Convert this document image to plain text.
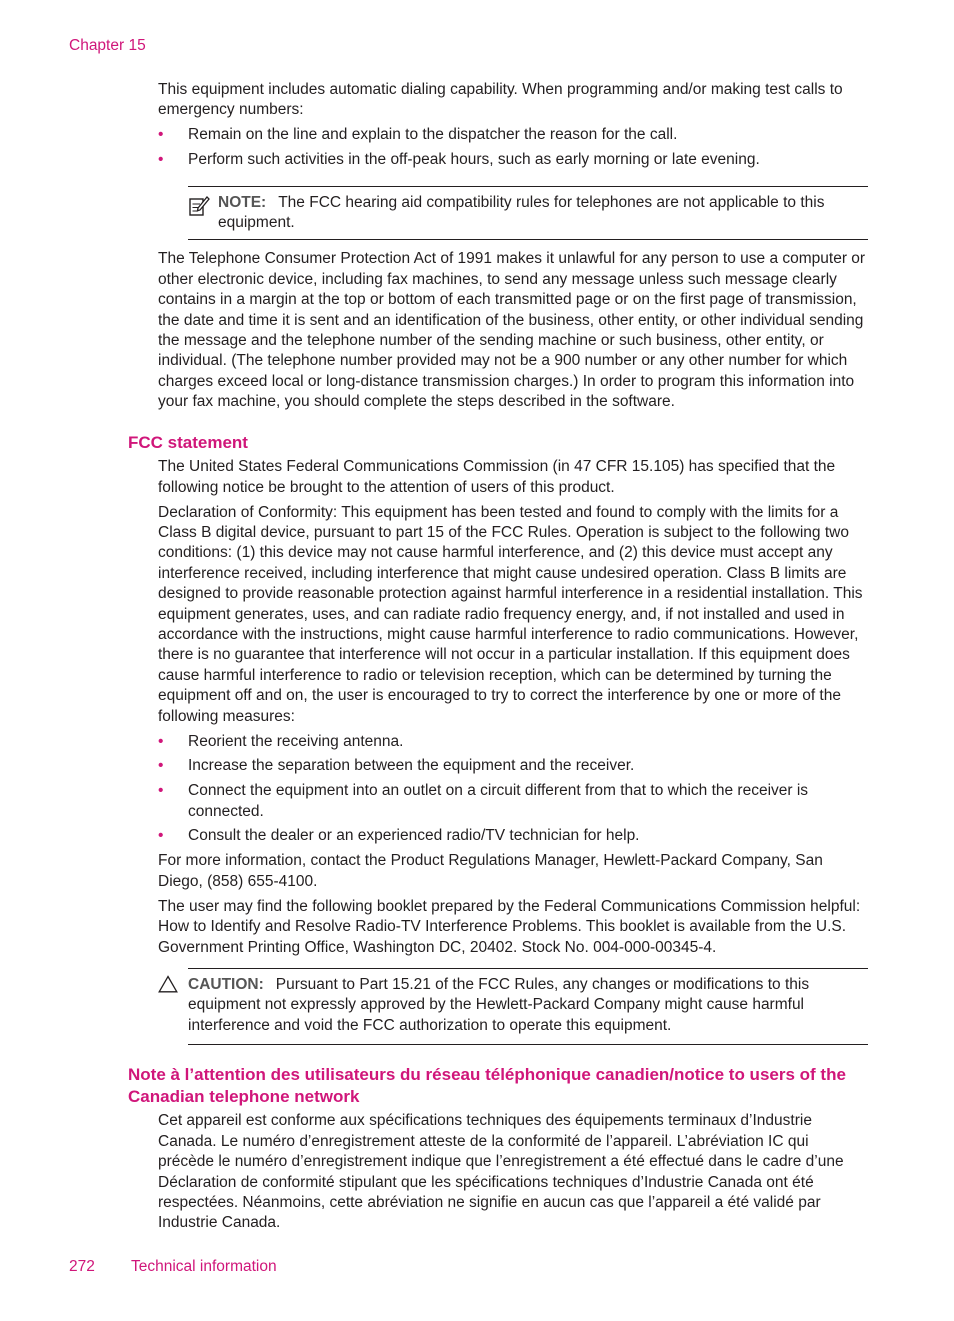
Chapter 15

This equipment includes automatic dialing capability. When programming and/or making test calls to emergency numbers:

• Remain on the line and explain to the dispatcher the reason for the call.
• Perform such activities in the off-peak hours, such as early morning or late evening.
NOTE: The FCC hearing aid compatibility rules for telephones are not applicable to this equipment.

The Telephone Consumer Protection Act of 1991 makes it unlawful for any person to use a computer or other electronic device, including fax machines, to send any message unless such message clearly contains in a margin at the top or bottom of each transmitted page or on the first page of transmission, the date and time it is sent and an identification of the business, other entity, or other individual sending the message and the telephone number of the sending machine or such business, other entity, or individual. (The telephone number provided may not be a 900 number or any other number for which charges exceed local or long-distance transmission charges.) In order to program this information into your fax machine, you should complete the steps described in the software.

FCC statement

The United States Federal Communications Commission (in 47 CFR 15.105) has specified that the following notice be brought to the attention of users of this product.

Declaration of Conformity: This equipment has been tested and found to comply with the limits for a Class B digital device, pursuant to part 15 of the FCC Rules. Operation is subject to the following two conditions: (1) this device may not cause harmful interference, and (2) this device must accept any interference received, including interference that might cause undesired operation. Class B limits are designed to provide reasonable protection against harmful interference in a residential installation. This equipment generates, uses, and can radiate radio frequency energy, and, if not installed and used in accordance with the instructions, might cause harmful interference to radio communications. However, there is no guarantee that interference will not occur in a particular installation. If this equipment does cause harmful interference to radio or television reception, which can be determined by turning the equipment off and on, the user is encouraged to try to correct the interference by one or more of the following measures:

• Reorient the receiving antenna.
• Increase the separation between the equipment and the receiver.
• Connect the equipment into an outlet on a circuit different from that to which the receiver is connected.
• Consult the dealer or an experienced radio/TV technician for help.

For more information, contact the Product Regulations Manager, Hewlett-Packard Company, San Diego, (858) 655-4100.

The user may find the following booklet prepared by the Federal Communications Commission helpful: How to Identify and Resolve Radio-TV Interference Problems. This booklet is available from the U.S. Government Printing Office, Washington DC, 20402. Stock No. 004-000-00345-4.

CAUTION: Pursuant to Part 15.21 of the FCC Rules, any changes or modifications to this equipment not expressly approved by the Hewlett-Packard Company might cause harmful interference and void the FCC authorization to operate this equipment.
Note à l’attention des utilisateurs du réseau téléphonique canadien/notice to users of the Canadian telephone network

Cet appareil est conforme aux spécifications techniques des équipements terminaux d’Industrie Canada. Le numéro d’enregistrement atteste de la conformité de l’appareil. L’abréviation IC qui précède le numéro d’enregistrement indique que l’enregistrement a été effectué dans le cadre d’une Déclaration de conformité stipulant que les spécifications techniques d’Industrie Canada ont été respectées. Néanmoins, cette abréviation ne signifie en aucun cas que l’appareil a été validé par Industrie Canada.

272 Technical information
